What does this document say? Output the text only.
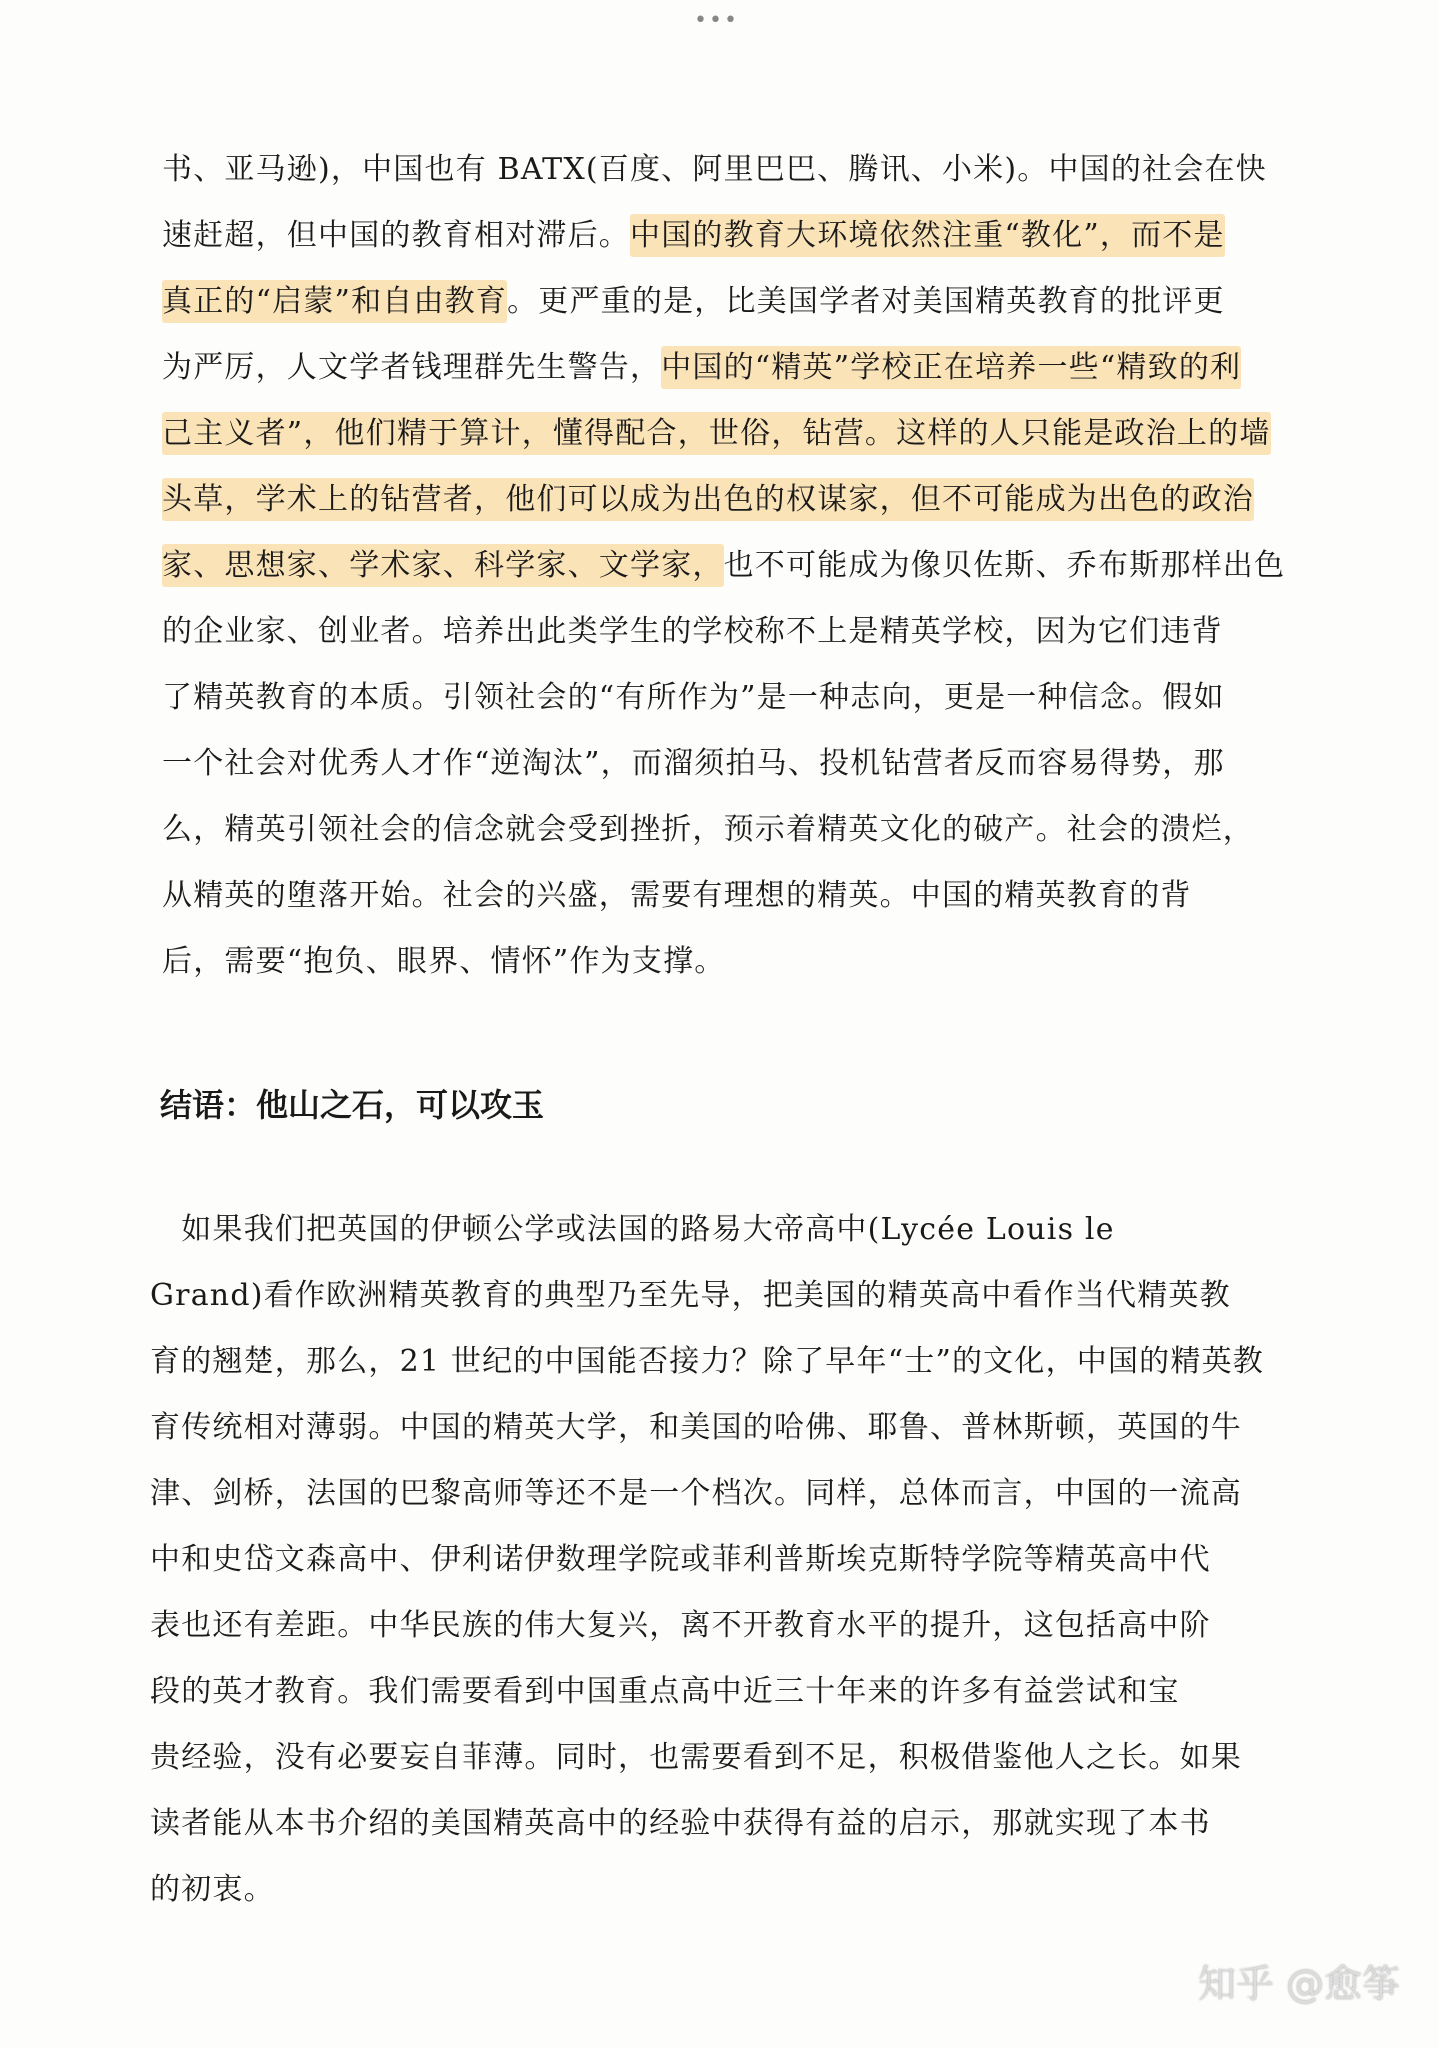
•••
书、亚马逊)，中国也有 BATX(百度、阿里巴巴、腾讯、小米)。中国的社会在快
速赶超，但中国的教育相对滞后。中国的教育大环境依然注重“教化”，而不是
真正的“启蒙”和自由教育。更严重的是，比美国学者对美国精英教育的批评更
为严厉，人文学者钱理群先生警告，中国的“精英”学校正在培养一些“精致的利
己主义者”，他们精于算计，懂得配合，世俗，钻营。这样的人只能是政治上的墙
头草，学术上的钻营者，他们可以成为出色的权谋家，但不可能成为出色的政治
家、思想家、学术家、科学家、文学家，也不可能成为像贝佐斯、乔布斯那样出色
的企业家、创业者。培养出此类学生的学校称不上是精英学校，因为它们违背
了精英教育的本质。引领社会的“有所作为”是一种志向，更是一种信念。假如
一个社会对优秀人才作“逆淘汰”，而溜须拍马、投机钻营者反而容易得势，那
么，精英引领社会的信念就会受到挫折，预示着精英文化的破产。社会的溃烂，
从精英的堕落开始。社会的兴盛，需要有理想的精英。中国的精英教育的背
后，需要“抱负、眼界、情怀”作为支撑。
结语：他山之石，可以攻玉
　如果我们把英国的伊顿公学或法国的路易大帝高中(Lycée Louis le
Grand)看作欧洲精英教育的典型乃至先导，把美国的精英高中看作当代精英教
育的翘楚，那么，21 世纪的中国能否接力？除了早年“士”的文化，中国的精英教
育传统相对薄弱。中国的精英大学，和美国的哈佛、耶鲁、普林斯顿，英国的牛
津、剑桥，法国的巴黎高师等还不是一个档次。同样，总体而言，中国的一流高
中和史岱文森高中、伊利诺伊数理学院或菲利普斯埃克斯特学院等精英高中代
表也还有差距。中华民族的伟大复兴，离不开教育水平的提升，这包括高中阶
段的英才教育。我们需要看到中国重点高中近三十年来的许多有益尝试和宝
贵经验，没有必要妄自菲薄。同时，也需要看到不足，积极借鉴他人之长。如果
读者能从本书介绍的美国精英高中的经验中获得有益的启示，那就实现了本书
的初衷。
知乎 @愈筝
